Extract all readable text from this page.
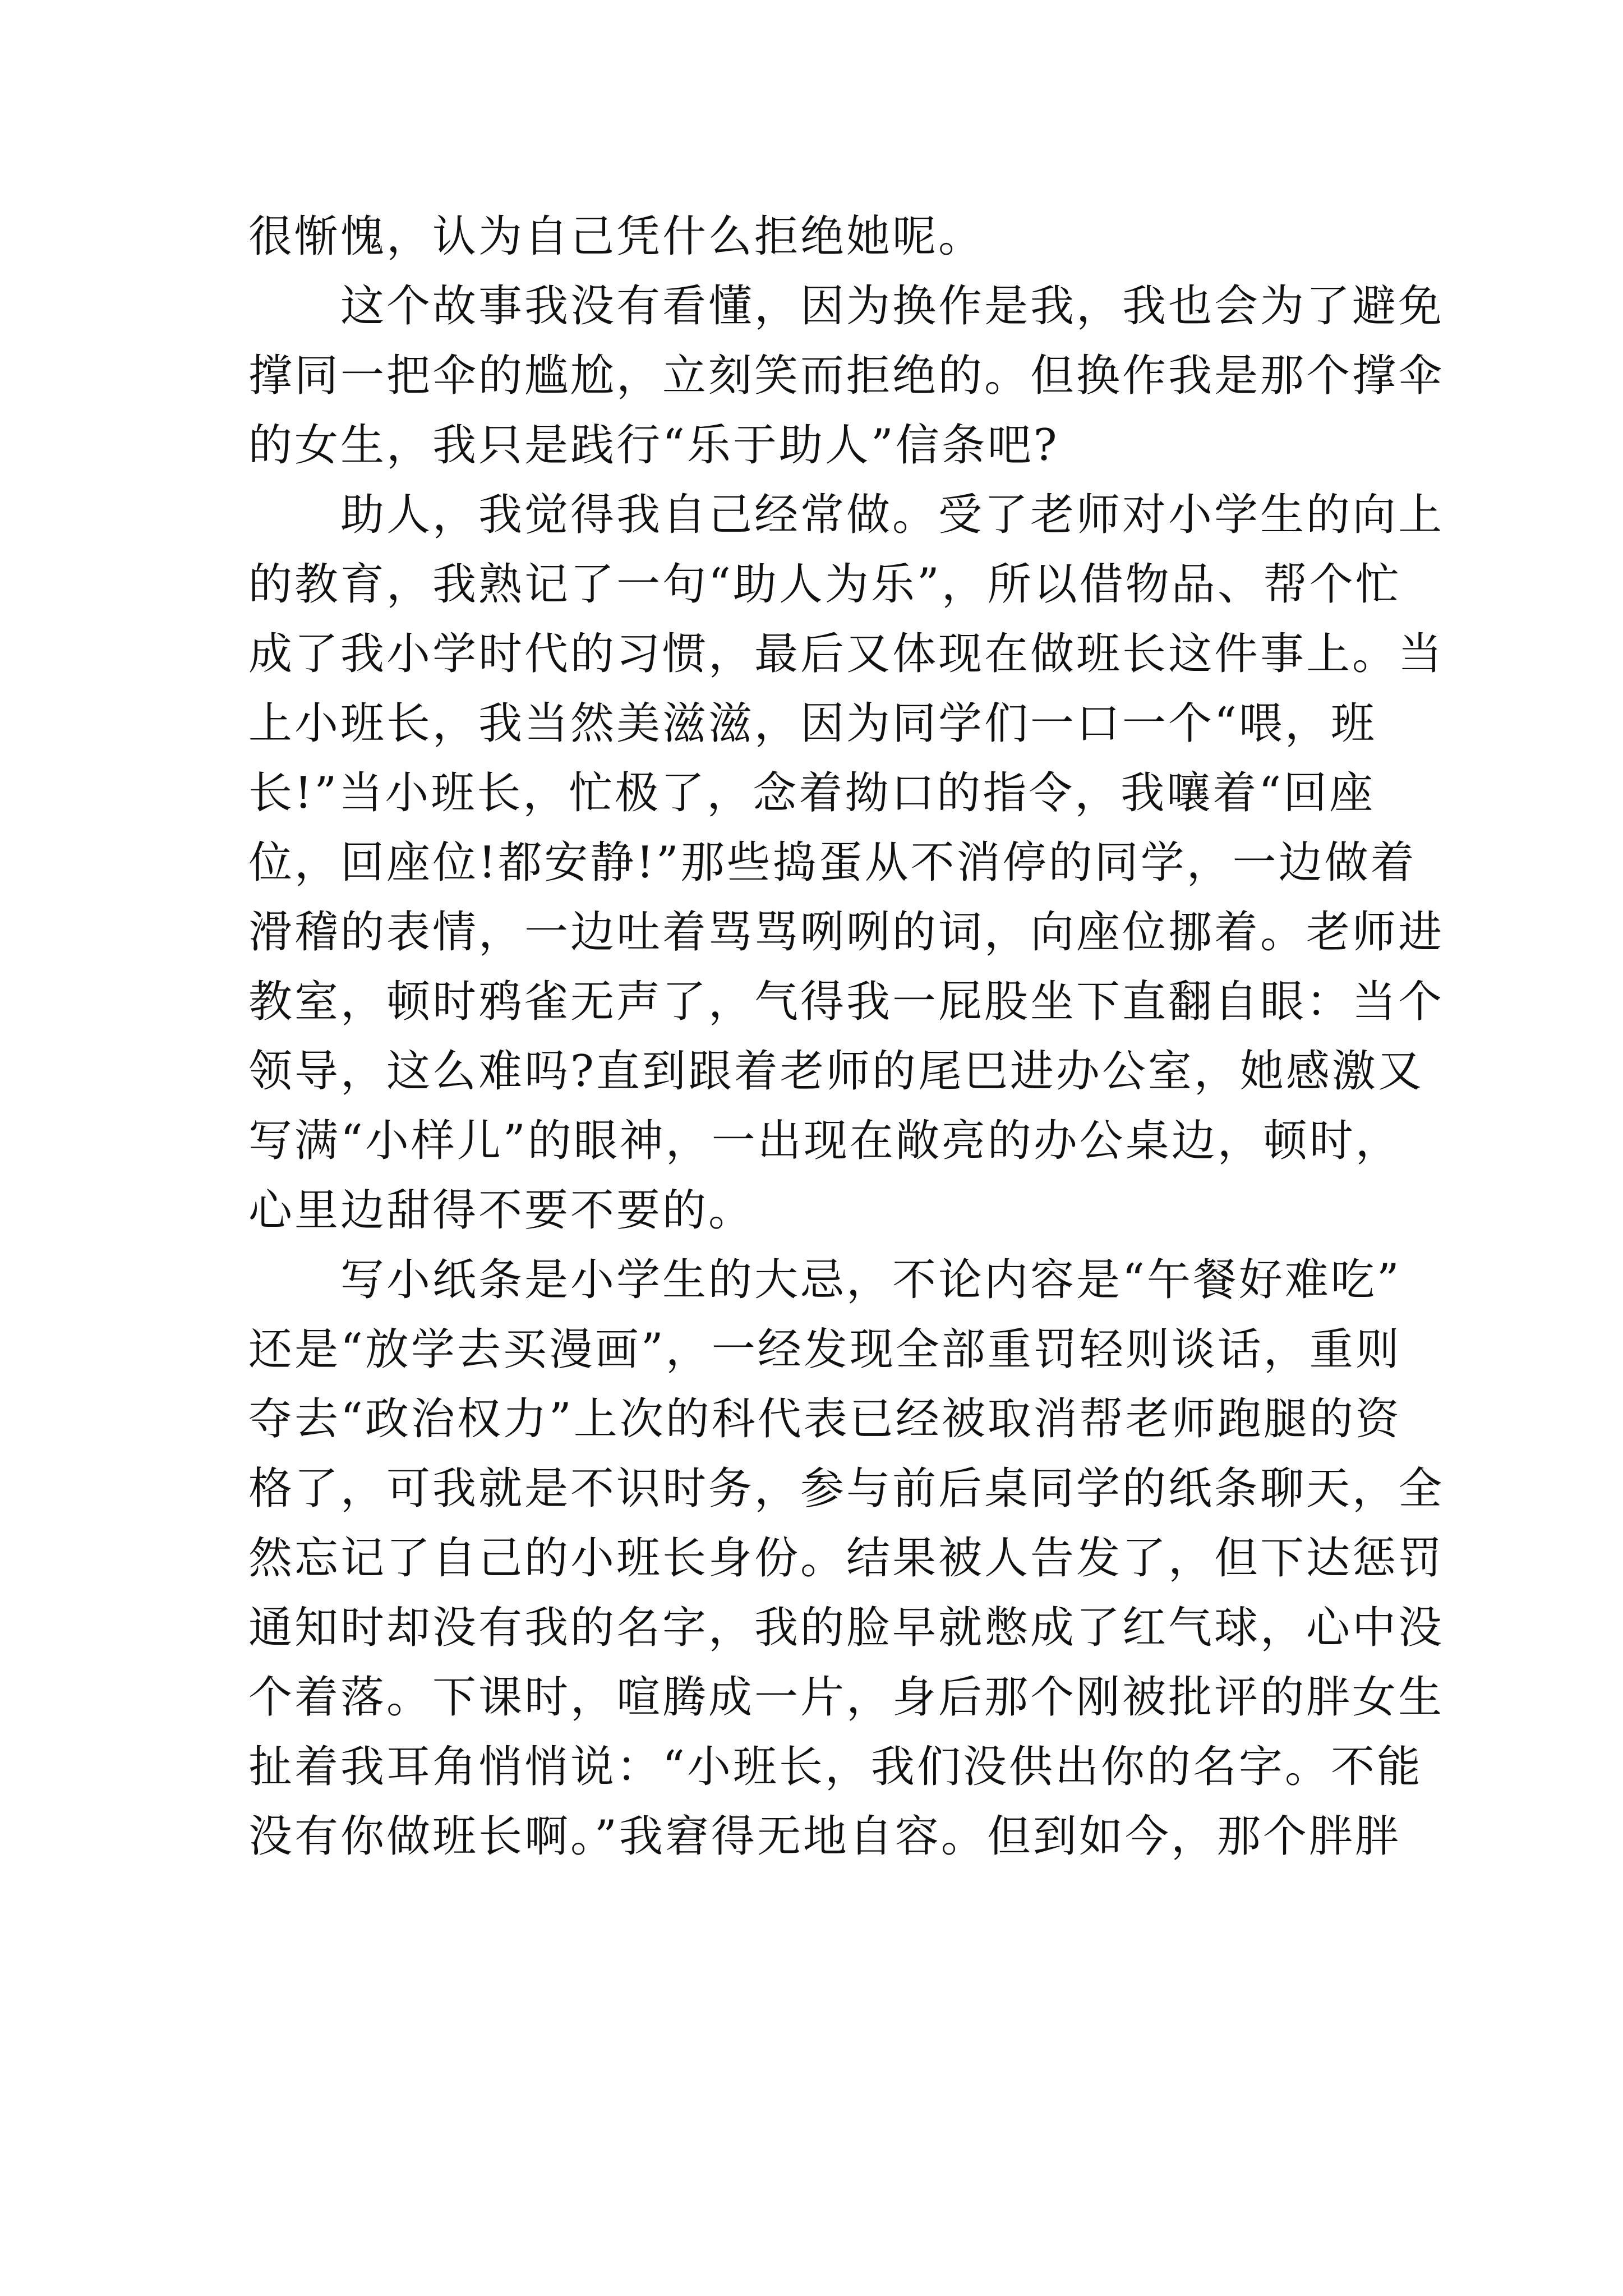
很惭愧，认为自己凭什么拒绝她呢。
这个故事我没有看懂，因为换作是我，我也会为了避免
撑同一把伞的尴尬，立刻笑而拒绝的。但换作我是那个撑伞
的女生，我只是践行“乐于助人”信条吧?
助人，我觉得我自己经常做。受了老师对小学生的向上
的教育，我熟记了一句“助人为乐”，所以借物品、帮个忙
成了我小学时代的习惯，最后又体现在做班长这件事上。当
上小班长，我当然美滋滋，因为同学们一口一个“喂，班
长!”当小班长，忙极了，念着拗口的指令，我嚷着“回座
位，回座位!都安静!”那些捣蛋从不消停的同学，一边做着
滑稽的表情，一边吐着骂骂咧咧的词，向座位挪着。老师进
教室，顿时鸦雀无声了，气得我一屁股坐下直翻自眼：当个
领导，这么难吗?直到跟着老师的尾巴进办公室，她感激又
写满“小样儿”的眼神，一出现在敞亮的办公桌边，顿时，
心里边甜得不要不要的。
写小纸条是小学生的大忌，不论内容是“午餐好难吃”
还是“放学去买漫画”，一经发现全部重罚轻则谈话，重则
夺去“政治权力”上次的科代表已经被取消帮老师跑腿的资
格了，可我就是不识时务，参与前后桌同学的纸条聊天，全
然忘记了自己的小班长身份。结果被人告发了，但下达惩罚
通知时却没有我的名字，我的脸早就憋成了红气球，心中没
个着落。下课时，喧腾成一片，身后那个刚被批评的胖女生
扯着我耳角悄悄说：“小班长，我们没供出你的名字。不能
没有你做班长啊。”我窘得无地自容。但到如今，那个胖胖
